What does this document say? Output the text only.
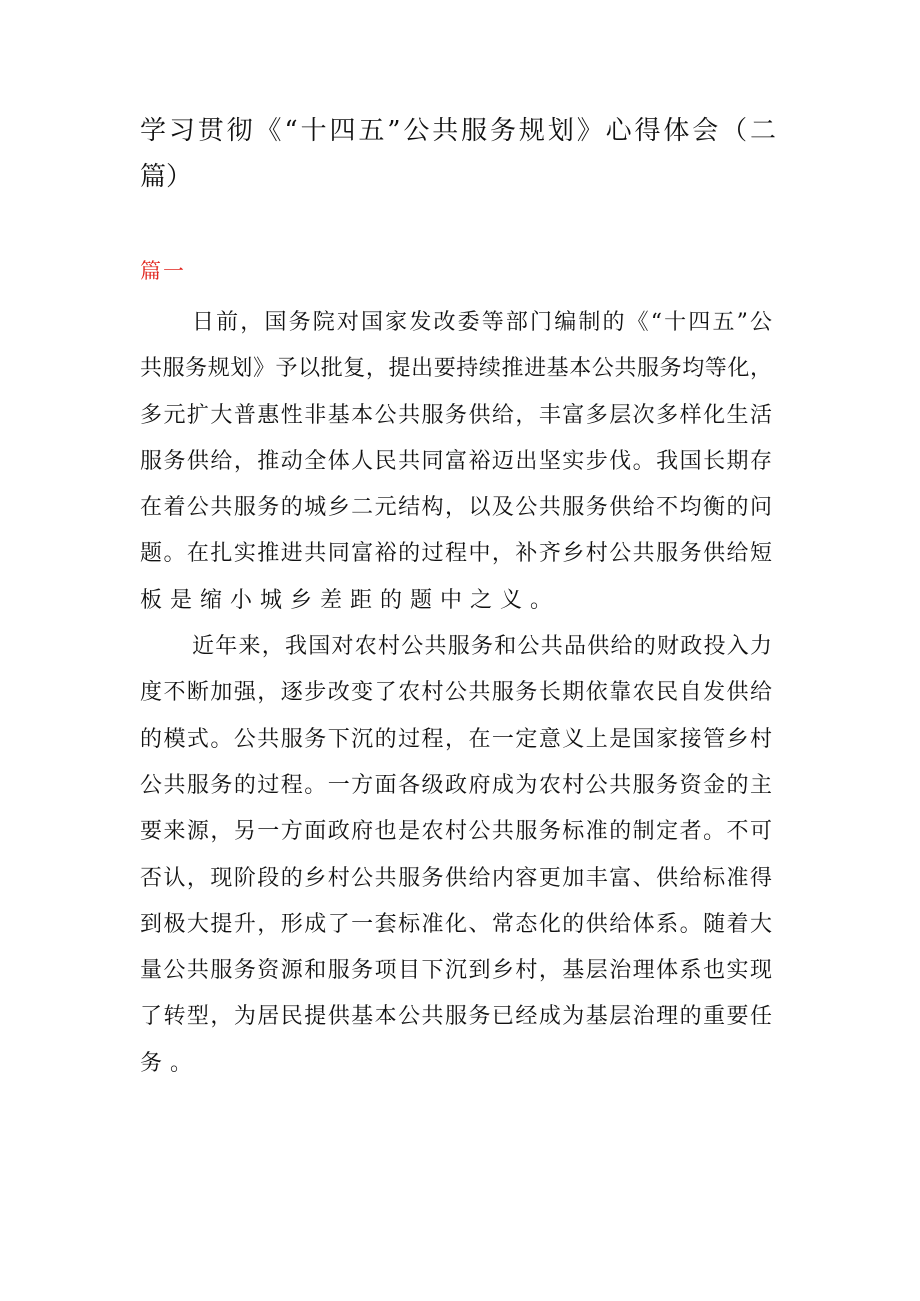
学习贯彻《“十四五”公共服务规划》心得体会（二
篇）
篇一
日前，国务院对国家发改委等部门编制的《“十四五”公
共服务规划》予以批复，提出要持续推进基本公共服务均等化，
多元扩大普惠性非基本公共服务供给，丰富多层次多样化生活
服务供给，推动全体人民共同富裕迈出坚实步伐。我国长期存
在着公共服务的城乡二元结构，以及公共服务供给不均衡的问
题。在扎实推进共同富裕的过程中，补齐乡村公共服务供给短
板是缩小城乡差距的题中之义。
近年来，我国对农村公共服务和公共品供给的财政投入力
度不断加强，逐步改变了农村公共服务长期依靠农民自发供给
的模式。公共服务下沉的过程，在一定意义上是国家接管乡村
公共服务的过程。一方面各级政府成为农村公共服务资金的主
要来源，另一方面政府也是农村公共服务标准的制定者。不可
否认，现阶段的乡村公共服务供给内容更加丰富、供给标准得
到极大提升，形成了一套标准化、常态化的供给体系。随着大
量公共服务资源和服务项目下沉到乡村，基层治理体系也实现
了转型，为居民提供基本公共服务已经成为基层治理的重要任
务。
